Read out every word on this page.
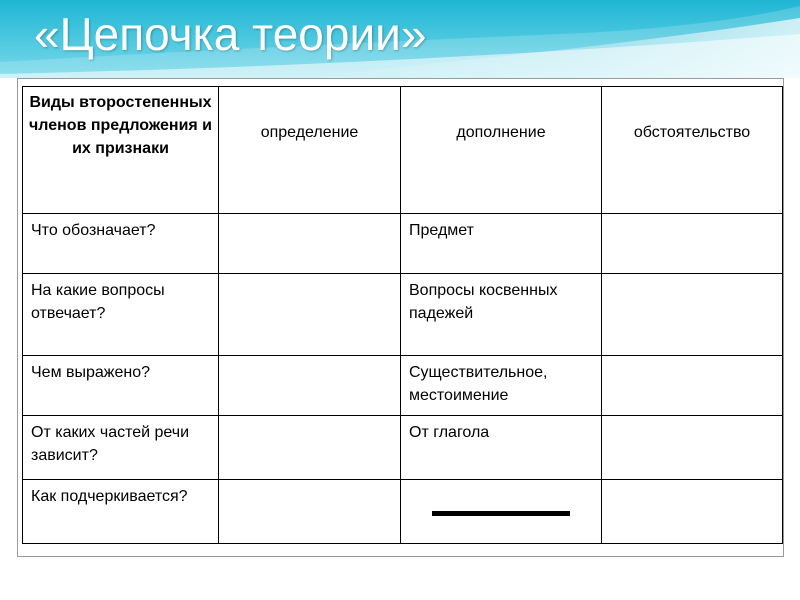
«Цепочка теории»
Виды второстепенных членов предложения и их признаки	определение	дополнение	обстоятельство
Что обозначает?		Предмет	
На какие вопросы отвечает?		Вопросы косвенных падежей	
Чем выражено?		Существительное, местоимение	
От каких частей речи зависит?		От глагола	
Как подчеркивается?		
